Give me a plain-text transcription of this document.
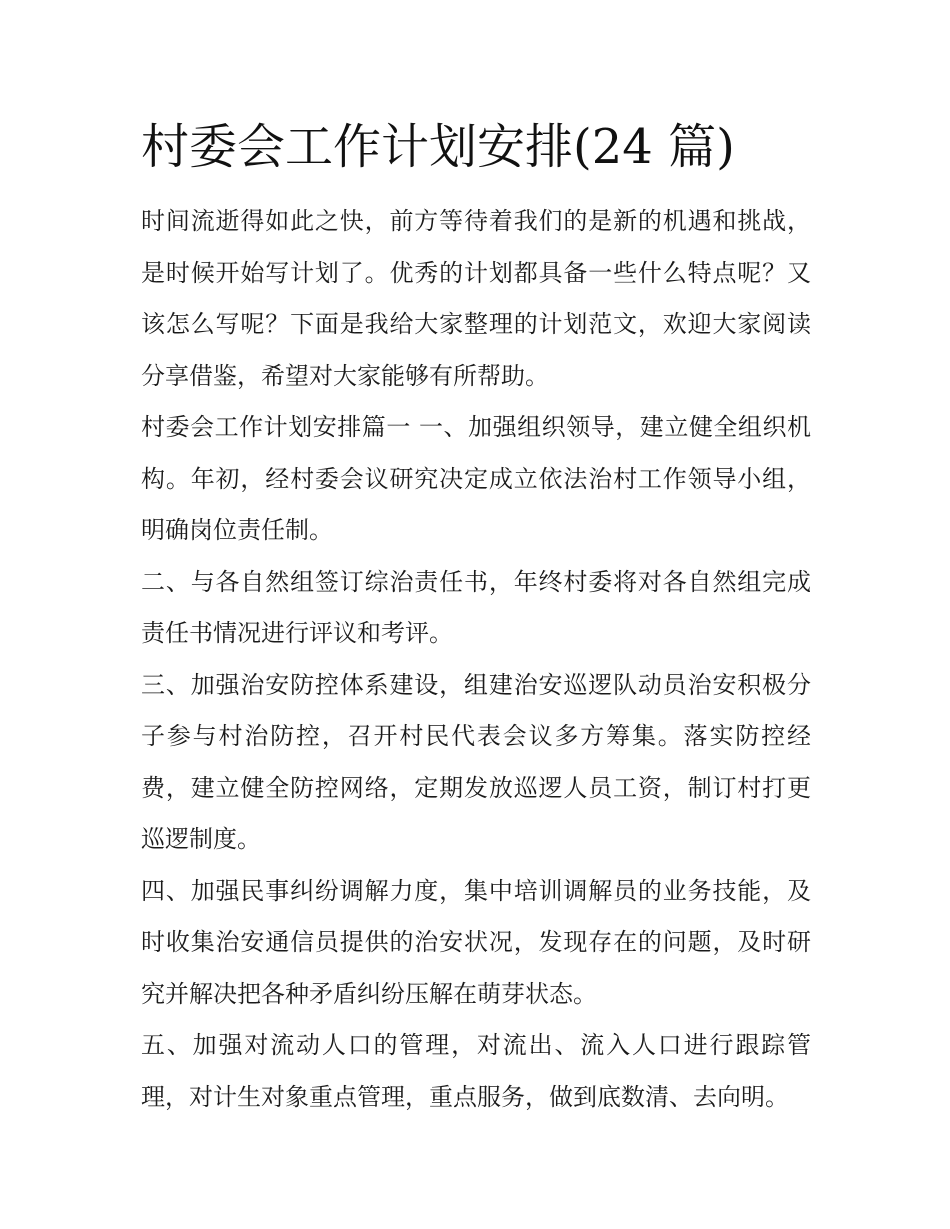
村委会工作计划安排(24 篇)

时间流逝得如此之快，前方等待着我们的是新的机遇和挑战，是时候开始写计划了。优秀的计划都具备一些什么特点呢？又该怎么写呢？下面是我给大家整理的计划范文，欢迎大家阅读分享借鉴，希望对大家能够有所帮助。

村委会工作计划安排篇一 一、加强组织领导，建立健全组织机构。年初，经村委会议研究决定成立依法治村工作领导小组，明确岗位责任制。

二、与各自然组签订综治责任书，年终村委将对各自然组完成责任书情况进行评议和考评。

三、加强治安防控体系建设，组建治安巡逻队动员治安积极分子参与村治防控，召开村民代表会议多方筹集。落实防控经费，建立健全防控网络，定期发放巡逻人员工资，制订村打更巡逻制度。

四、加强民事纠纷调解力度，集中培训调解员的业务技能，及时收集治安通信员提供的治安状况，发现存在的问题，及时研究并解决把各种矛盾纠纷压解在萌芽状态。

五、加强对流动人口的管理，对流出、流入人口进行跟踪管理，对计生对象重点管理，重点服务，做到底数清、去向明。
